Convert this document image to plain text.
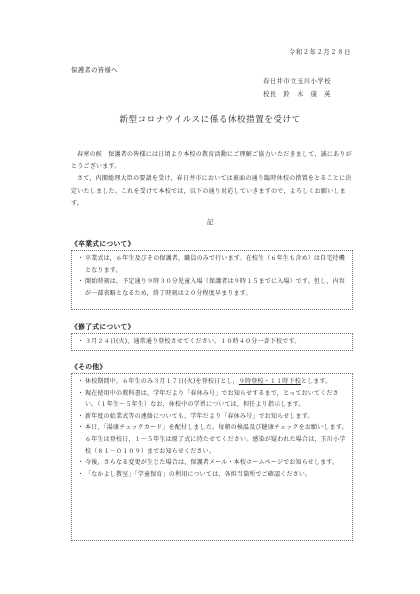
令和２年２月２８日
保護者の皆様へ
春日井市立玉川小学校
校長　鈴　木　康　英
新型コロナウイルスに係る休校措置を受けて

春寒の候　保護者の皆様には日頃より本校の教育活動にご理解ご協力いただきまして，誠にありがとうございます。

さて，内閣総理大臣の要請を受け，春日井市においては裏面の通り臨時休校の措置をとることに決定いたしました。これを受けて本校では，以下の通り対応していきますので，よろしくお願いします。

記
《卒業式について》
・ 卒業式は，６年生及びその保護者，職員のみで行います。在校生（６年生も含め）は自宅待機となります。
・ 開始時刻は，予定通り９時３０分児童入場（保護者は９時１５までに入場）です。但し，内容が一部省略となるため，終了時刻は２０分程度早まります。
《修了式について》
・ ３月２４日(火)，通常通り登校させてください。１０時４０分一斉下校です。
《その他》
・ 休校期間中，６年生のみ３月１７日(火)を登校日とし，９時登校・１１時下校とします。
・ 現在使用中の教科書は，学年だより「春休み号」でお知らせするまで，とっておいてください。（１年生～５年生）なお，休校中の学習については，担任より指示します。
・ 新年度の始業式等の連絡についても，学年だより「春休み号」でお知らせします。
・ 本日，「湯康チェックカード」を配付しました。毎朝の検温及び健康チェックをお願いします。６年生は登校日，１～５年生は原了式に持たせてください。感染が疑われた場合は，玉川小学校（８１－０１０９）までお知らせください。
・ 今後，さらなる変更が生じた場合は，保護者メール・本校ホームページでお知らせします。
・ 「なかよし教室」「学童保育」の利用については，各担当箇所でご確認ください。
